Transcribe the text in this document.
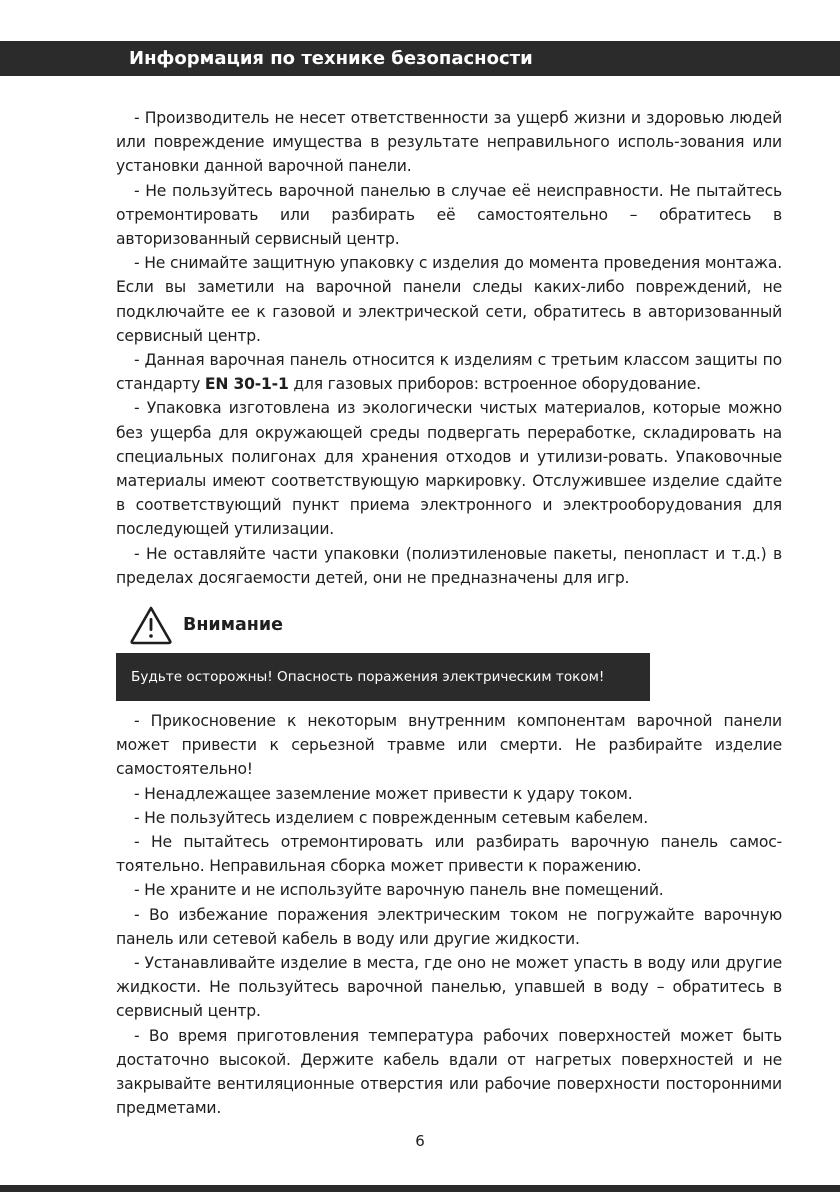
Информация по технике безопасности

- Производитель не несет ответственности за ущерб жизни и здоровью людей или повреждение имущества в результате неправильного исполь-зования или установки данной варочной панели.

- Не пользуйтесь варочной панелью в случае её неисправности. Не пытайтесь отремонтировать или разбирать её самостоятельно – обратитесь в авторизованный сервисный центр.

- Не снимайте защитную упаковку с изделия до момента проведения монтажа. Если вы заметили на варочной панели следы каких-либо повреждений, не подключайте ее к газовой и электрической сети, обратитесь в авторизованный сервисный центр.

- Данная варочная панель относится к изделиям с третьим классом защиты по стандарту EN 30-1-1 для газовых приборов: встроенное оборудование.

- Упаковка изготовлена из экологически чистых материалов, которые можно без ущерба для окружающей среды подвергать переработке, складировать на специальных полигонах для хранения отходов и утилизи-ровать. Упаковочные материалы имеют соответствующую маркировку. Отслужившее изделие сдайте в соответствующий пункт приема электронного и электрооборудования для последующей утилизации.

- Не оставляйте части упаковки (полиэтиленовые пакеты, пенопласт и т.д.) в пределах досягаемости детей, они не предназначены для игр.

Внимание
Будьте осторожны! Опасность поражения электрическим током!

- Прикосновение к некоторым внутренним компонентам варочной панели может привести к серьезной травме или смерти. Не разбирайте изделие самостоятельно!

- Ненадлежащее заземление может привести к удару током.

- Не пользуйтесь изделием с поврежденным сетевым кабелем.

- Не пытайтесь отремонтировать или разбирать варочную панель самос-тоятельно. Неправильная сборка может привести к поражению.

- Не храните и не используйте варочную панель вне помещений.

- Во избежание поражения электрическим током не погружайте варочную панель или сетевой кабель в воду или другие жидкости.

- Устанавливайте изделие в места, где оно не может упасть в воду или другие жидкости. Не пользуйтесь варочной панелью, упавшей в воду – обратитесь в сервисный центр.

- Во время приготовления температура рабочих поверхностей может быть достаточно высокой. Держите кабель вдали от нагретых поверхностей и не закрывайте вентиляционные отверстия или рабочие поверхности посторонними предметами.

6
